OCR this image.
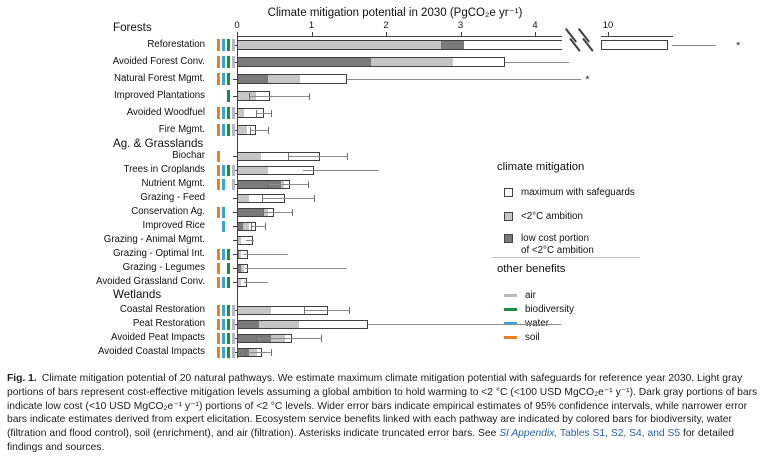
Climate mitigation potential in 2030 (PgCO₂e yr⁻¹)
climate mitigation
maximum with safeguards
<2°C ambition
low cost portion
of <2°C ambition
other benefits
air
biodiversity
soil
Fig. 1. Climate mitigation potential of 20 natural pathways. We estimate maximum climate mitigation potential with safeguards for reference year 2030. Light gray portions of bars represent cost-effective mitigation levels assuming a global ambition to hold warming to <2 °C (<100 USD MgCO₂e⁻¹ y⁻¹). Dark gray portions of bars indicate low cost (<10 USD MgCO₂e⁻¹ y⁻¹) portions of <2 °C levels. Wider error bars indicate empirical estimates of 95% confidence intervals, while narrower error bars indicate estimates derived from expert elicitation. Ecosystem service benefits linked with each pathway are indicated by colored bars for biodiversity, water (filtration and flood control), soil (enrichment), and air (filtration). Asterisks indicate truncated error bars. See SI Appendix, Tables S1, S2, S4, and S5 for detailed findings and sources.
0	1	2	3	4	10
Forests
Reforestation	*
Avoided Forest Conv.
Natural Forest Mgmt.	*
Improved Plantations
Avoided Woodfuel
Fire Mgmt.
Ag. & Grasslands
Biochar
Trees in Croplands
Nutrient Mgmt.
Grazing - Feed
Conservation Ag.
Improved Rice
Grazing - Animal Mgmt.
Grazing - Optimal Int.
Grazing - Legumes
Avoided Grassland Conv.
Wetlands
Coastal Restoration
Peat Restoration
Avoided Peat Impacts
Avoided Coastal Impacts
